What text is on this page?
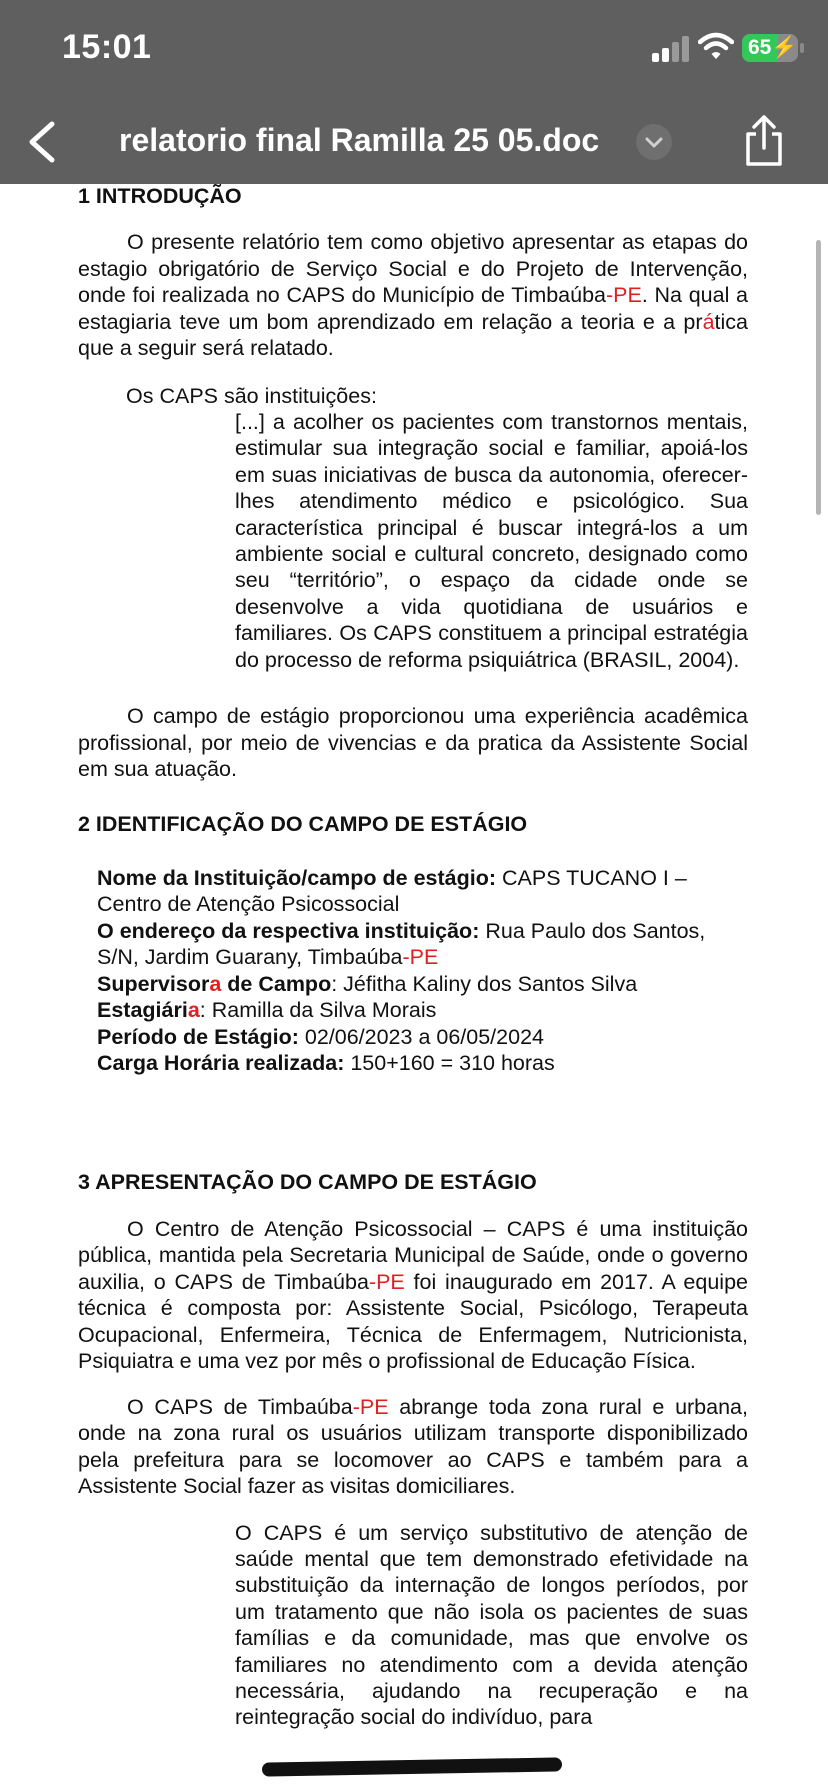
15:01	65⚡
relatorio final Ramilla 25 05.doc
1 INTRODUÇÃO

O presente relatório tem como objetivo apresentar as etapas do estagio obrigatório de Serviço Social e do Projeto de Intervenção, onde foi realizada no CAPS do Município de Timbaúba-PE. Na qual a estagiaria teve um bom aprendizado em relação a teoria e a prática que a seguir será relatado.

Os CAPS são instituições:

[...] a acolher os pacientes com transtornos mentais, estimular sua integração social e familiar, apoiá-los em suas iniciativas de busca da autonomia, oferecer-lhes atendimento médico e psicológico. Sua característica principal é buscar integrá-los a um ambiente social e cultural concreto, designado como seu “território”, o espaço da cidade onde se desenvolve a vida quotidiana de usuários e familiares. Os CAPS constituem a principal estratégia do processo de reforma psiquiátrica (BRASIL, 2004).

O campo de estágio proporcionou uma experiência acadêmica profissional, por meio de vivencias e da pratica da Assistente Social em sua atuação.

2 IDENTIFICAÇÃO DO CAMPO DE ESTÁGIO
Nome da Instituição/campo de estágio: CAPS TUCANO I – Centro de Atenção Psicossocial
O endereço da respectiva instituição: Rua Paulo dos Santos, S/N, Jardim Guarany, Timbaúba-PE
Supervisora de Campo: Jéfitha Kaliny dos Santos Silva
Estagiária: Ramilla da Silva Morais
Período de Estágio: 02/06/2023 a 06/05/2024
Carga Horária realizada: 150+160 = 310 horas
3 APRESENTAÇÃO DO CAMPO DE ESTÁGIO

O Centro de Atenção Psicossocial – CAPS é uma instituição pública, mantida pela Secretaria Municipal de Saúde, onde o governo auxilia, o CAPS de Timbaúba-PE foi inaugurado em 2017. A equipe técnica é composta por: Assistente Social, Psicólogo, Terapeuta Ocupacional, Enfermeira, Técnica de Enfermagem, Nutricionista, Psiquiatra e uma vez por mês o profissional de Educação Física.

O CAPS de Timbaúba-PE abrange toda zona rural e urbana, onde na zona rural os usuários utilizam transporte disponibilizado pela prefeitura para se locomover ao CAPS e também para a Assistente Social fazer as visitas domiciliares.

O CAPS é um serviço substitutivo de atenção de saúde mental que tem demonstrado efetividade na substituição da internação de longos períodos, por um tratamento que não isola os pacientes de suas famílias e da comunidade, mas que envolve os familiares no atendimento com a devida atenção necessária, ajudando na recuperação e na reintegração social do indivíduo, para
